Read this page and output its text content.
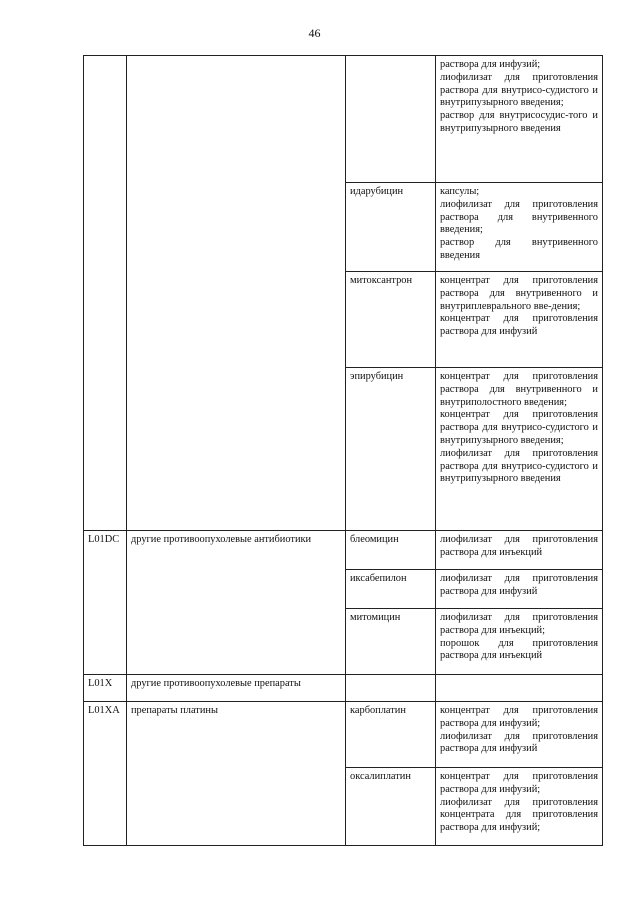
46

			раствора для инфузий;
лиофилизат для приготовления раствора для внутрисо-судистого и внутрипузырного введения;
раствор для внутрисосудис-того и внутрипузырного введения

		идарубицин	капсулы;
лиофилизат для приготовления раствора для внутривенного введения;
раствор для внутривенного введения

		митоксантрон	концентрат для приготовления раствора для внутривенного и внутриплеврального вве-дения;
концентрат для приготовления раствора для инфузий

		эпирубицин	концентрат для приготовления раствора для внутривенного и внутриполостного введения;
концентрат для приготовления раствора для внутрисо-судистого и внутрипузырного введения;
лиофилизат для приготовления раствора для внутрисо-судистого и внутрипузырного введения

L01DC	другие противоопухолевые антибиотики	блеомицин	лиофилизат для приготовления раствора для инъекций

		иксабепилон	лиофилизат для приготовления раствора для инфузий

		митомицин	лиофилизат для приготовления раствора для инъекций;
порошок для приготовления раствора для инъекций

L01X	другие противоопухолевые препараты		
L01XA	препараты платины	карбоплатин	концентрат для приготовления раствора для инфузий;
лиофилизат для приготовления раствора для инфузий

		оксалиплатин	концентрат для приготовления раствора для инфузий;
лиофилизат для приготовления концентрата для приготовления раствора для инфузий;
